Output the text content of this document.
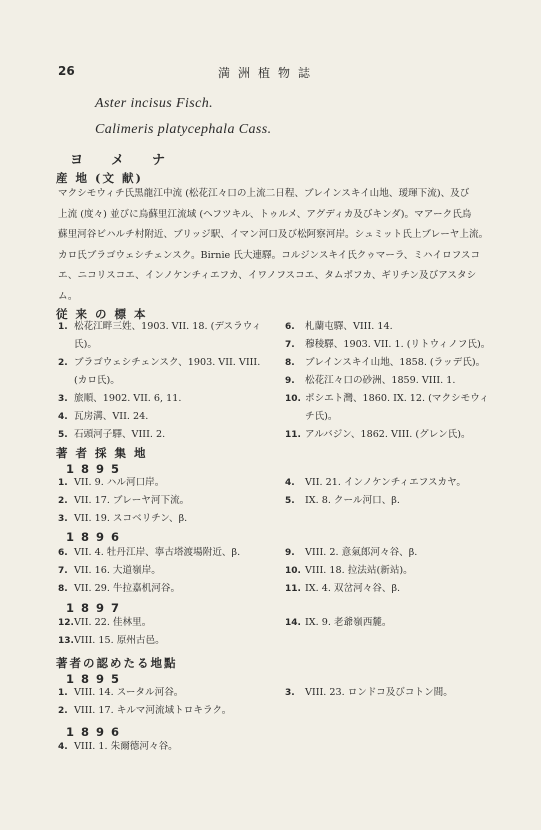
26	満洲植物誌
Aster incisus Fisch.
Calimeris platycephala Cass.
ヨメナ
産 地 (文 献)
マクシモウィチ氏黒龍江中流 (松花江々口の上流二日程、ブレインスキイ山地、瑷琿下流)、及び
上流 (度々) 並びに烏蘇里江流域 (ヘフツキル、トゥルメ、アグディカ及びキンダ)。マアーク氏烏
蘇里河谷ビハルチ村附近、ブリッジ駅、イマン河口及び松阿察河岸。シュミット氏上ブレーヤ上流。
カロ氏ブラゴウェシチェンスク。Birnie 氏大連驛。コルジンスキイ氏クゥマーラ、ミハイロフスコ
エ、ニコリスコエ、インノケンチィエフカ、イワノフスコエ、タムボフカ、ギリチン及びアスタシ
ム。
従 来 の 標 本
1. 松花江畔三姓、1903. VII. 18. (デスラウィ
氏)。
2. ブラゴウェシチェンスク、1903. VII. VIII.
(カロ氏)。
3. 旅順、1902. VII. 6, 11.
4. 瓦房溝、VII. 24.
5. 石頭河子驛、VIII. 2.
6. 札蘭屯驛、VIII. 14.
7. 穆稜驛、1903. VII. 1. (リトウィノフ氏)。
8. ブレインスキイ山地、1858. (ラッデ氏)。
9. 松花江々口の砂洲、1859. VIII. 1.
10. ポシエト灣、1860. IX. 12. (マクシモウィ
チ氏)。
11. アルバジン、1862. VIII. (グレン氏)。
著 者 採 集 地
1895
1. VII. 9. ハル河口岸。
2. VII. 17. ブレーヤ河下流。
3. VII. 19. スコベリチン、β.
4. VII. 21. インノケンチィエフスカヤ。
5. IX. 8. クール河口、β.
1896
6. VII. 4. 牡丹江岸、寧古塔渡場附近、β.
7. VII. 16. 大道嶺岸。
8. VII. 29. 牛拉嘉机河谷。
9. VIII. 2. 意氣郎河々谷、β.
10. VIII. 18. 拉法站(新站)。
11. IX. 4. 双岔河々谷、β.
1897
12.VII. 22. 佳林里。
13.VIII. 15. 原州古邑。
14. IX. 9. 老爺嶺西麓。
著者の認めたる地點
1895
1. VIII. 14. スータル河谷。
2. VIII. 17. キルマ河流域トロキラク。
3. VIII. 23. ロンドコ及びコトン間。
1896
4. VIII. 1. 朱爾德河々谷。
